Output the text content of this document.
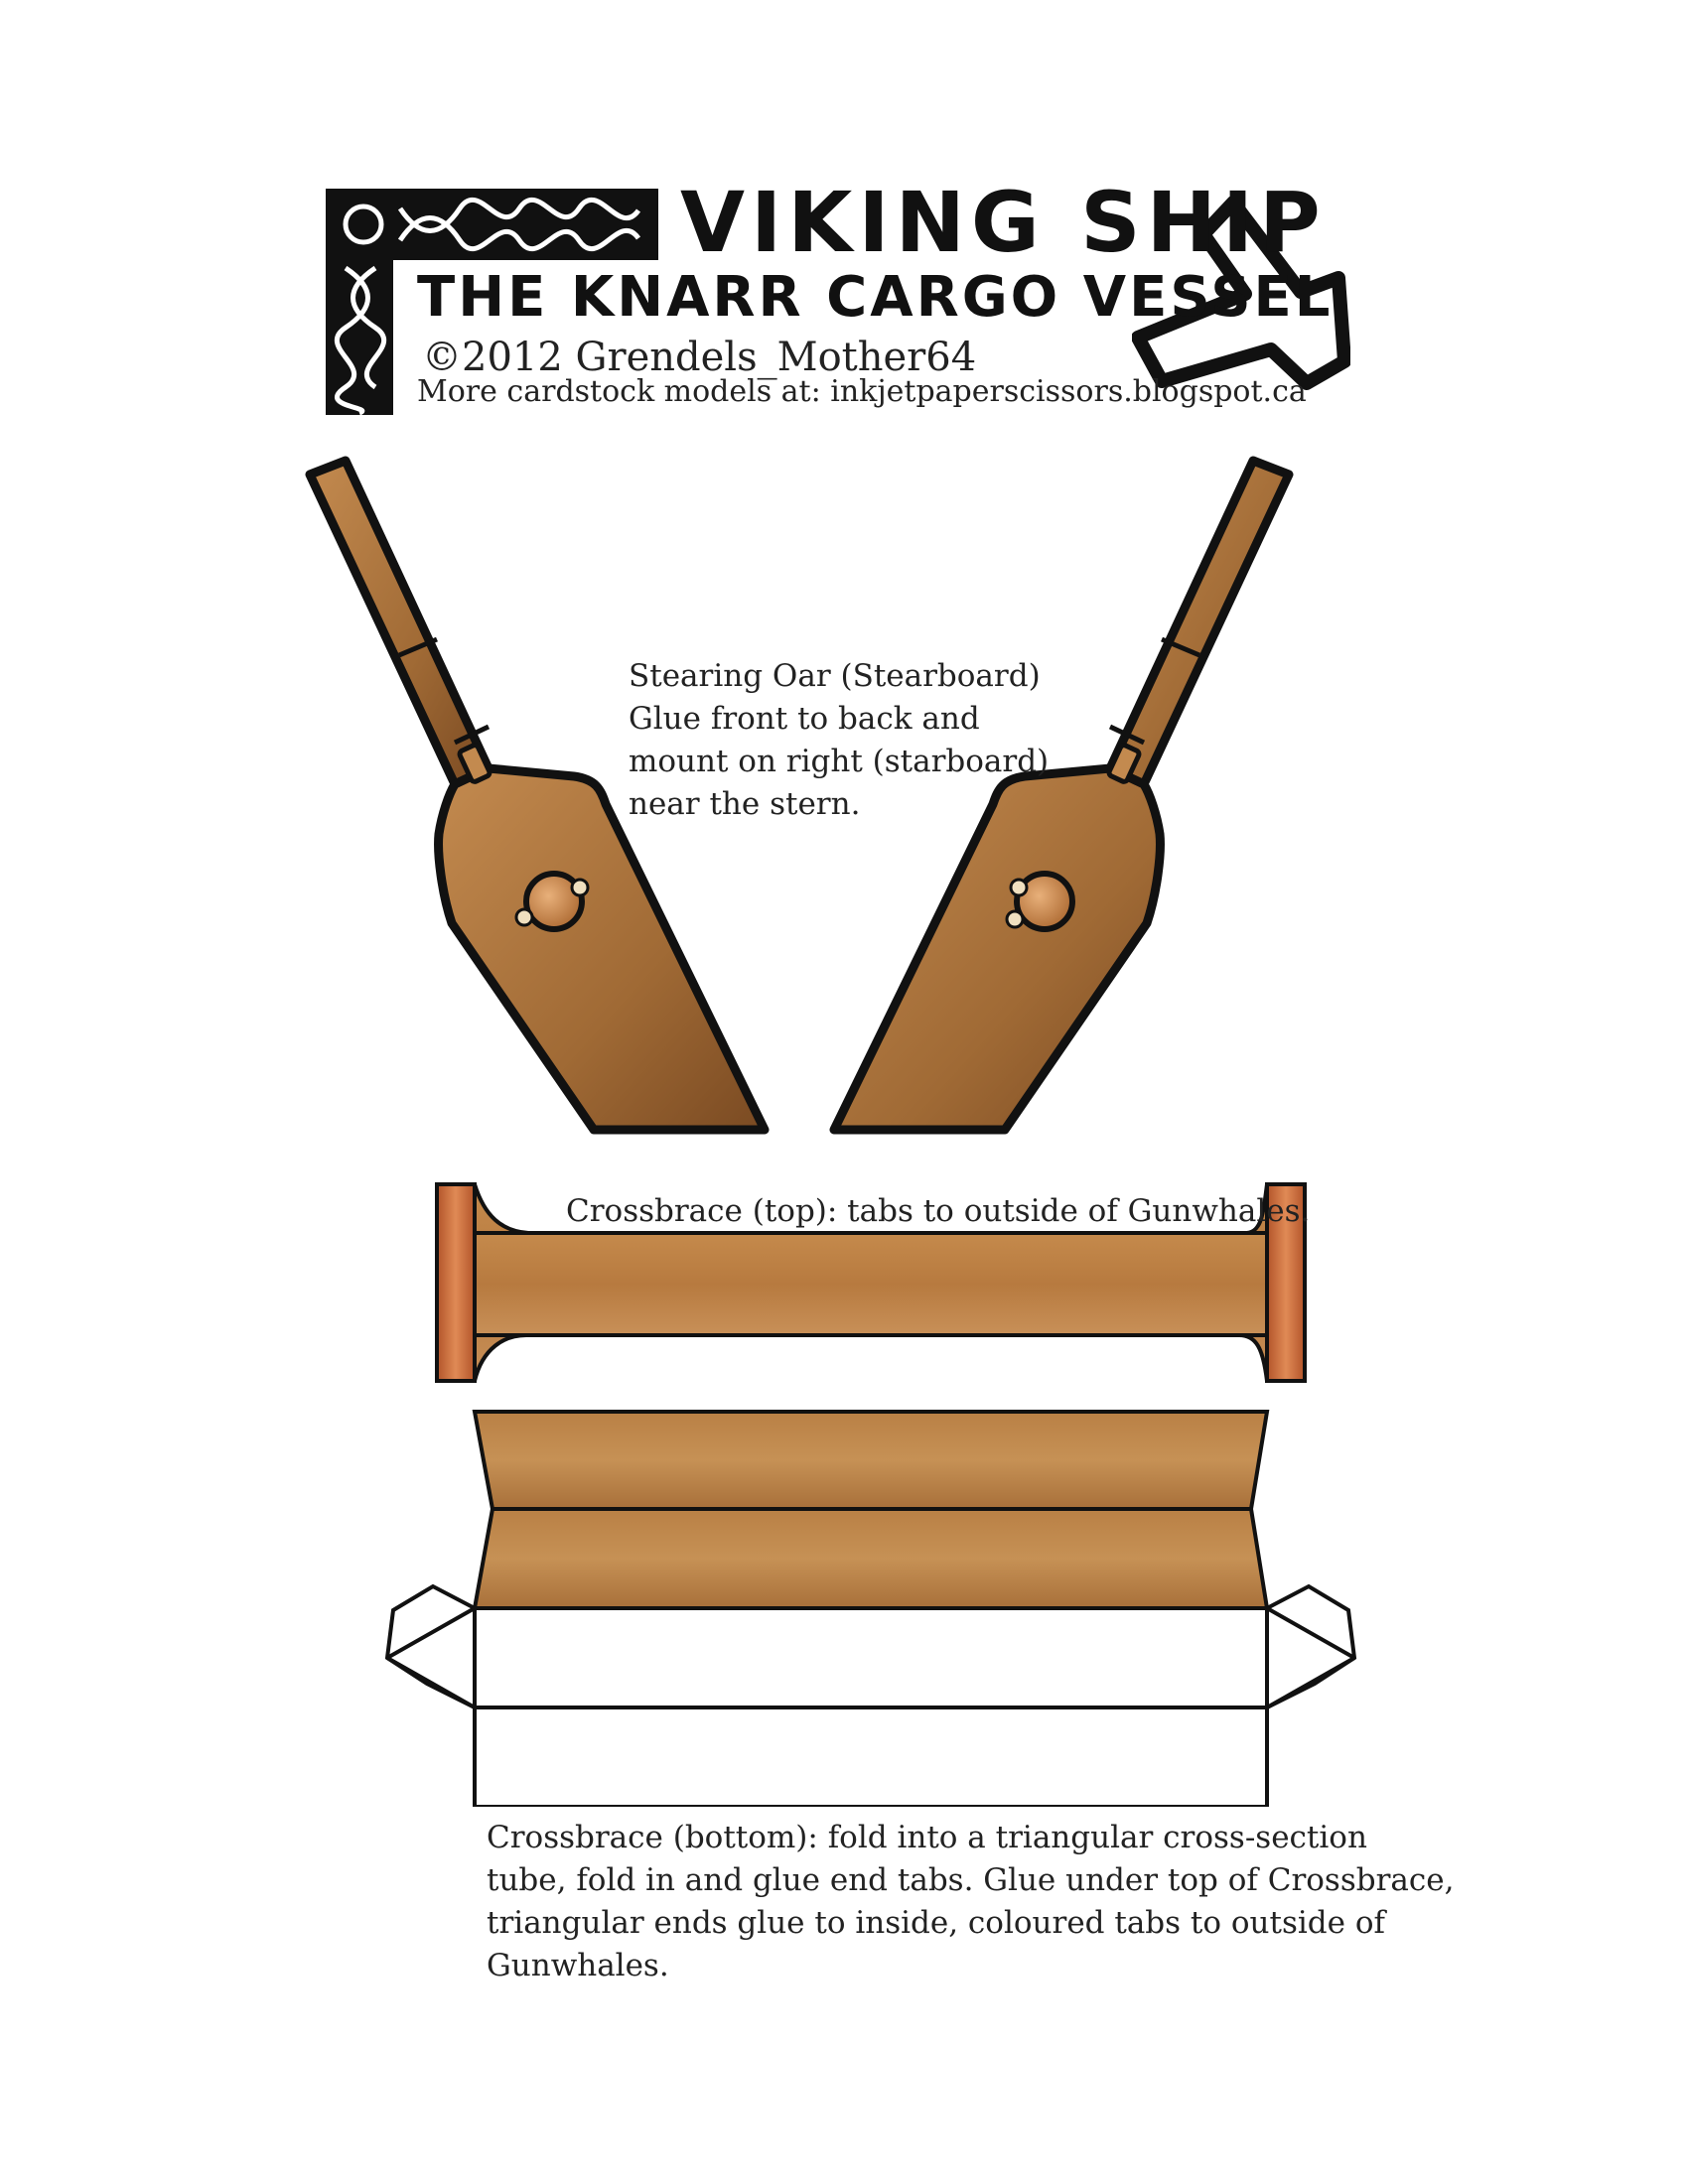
VIKING SHIP
THE KNARR CARGO VESSEL
©2012 Grendels_Mother64
More cardstock models at: inkjetpaperscissors.blogspot.ca
Stearing Oar (Stearboard)
Glue front to back and
mount on right (starboard)
near the stern.
Crossbrace (top): tabs to outside of Gunwhales.
Crossbrace (bottom): fold into a triangular cross-section
tube, fold in and glue end tabs. Glue under top of Crossbrace,
triangular ends glue to inside, coloured tabs to outside of
Gunwhales.
